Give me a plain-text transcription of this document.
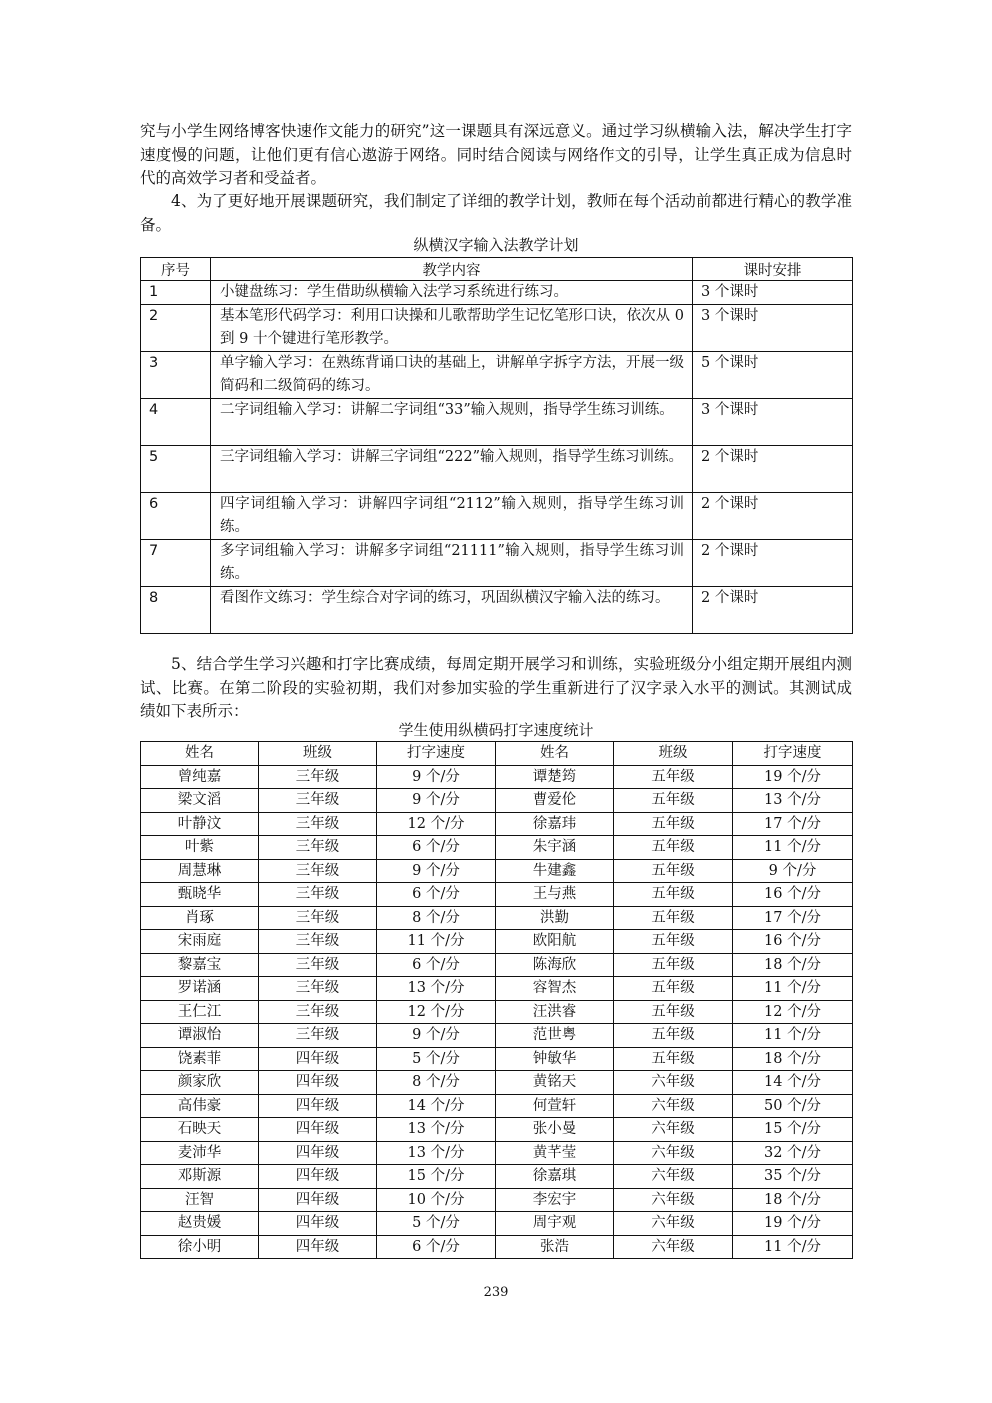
究与小学生网络博客快速作文能力的研究”这一课题具有深远意义。通过学习纵横输入法，解决学生打字速度慢的问题，让他们更有信心遨游于网络。同时结合阅读与网络作文的引导，让学生真正成为信息时代的高效学习者和受益者。

4、为了更好地开展课题研究，我们制定了详细的教学计划，教师在每个活动前都进行精心的教学准备。

纵横汉字输入法教学计划
序号	教学内容	课时安排
1	小键盘练习：学生借助纵横输入法学习系统进行练习。	3 个课时
2	基本笔形代码学习：利用口诀操和儿歌帮助学生记忆笔形口诀，依次从 0 到 9 十个键进行笔形教学。	3 个课时
3	单字输入学习：在熟练背诵口诀的基础上，讲解单字拆字方法，开展一级简码和二级简码的练习。	5 个课时
4	二字词组输入学习：讲解二字词组“33”输入规则，指导学生练习训练。	3 个课时
5	三字词组输入学习：讲解三字词组“222”输入规则，指导学生练习训练。	2 个课时
6	四字词组输入学习：讲解四字词组“2112”输入规则，指导学生练习训练。	2 个课时
7	多字词组输入学习：讲解多字词组“21111”输入规则，指导学生练习训练。	2 个课时
8	看图作文练习：学生综合对字词的练习，巩固纵横汉字输入法的练习。	2 个课时

5、结合学生学习兴趣和打字比赛成绩，每周定期开展学习和训练，实验班级分小组定期开展组内测试、比赛。在第二阶段的实验初期，我们对参加实验的学生重新进行了汉字录入水平的测试。其测试成绩如下表所示：

学生使用纵横码打字速度统计
姓名	班级	打字速度	姓名	班级	打字速度
曾纯嘉	三年级	9 个/分	谭楚筠	五年级	19 个/分
梁文滔	三年级	9 个/分	曹爱伦	五年级	13 个/分
叶静汶	三年级	12 个/分	徐嘉玮	五年级	17 个/分
叶紫	三年级	6 个/分	朱宇涵	五年级	11 个/分
周慧琳	三年级	9 个/分	牛建鑫	五年级	9 个/分
甄晓华	三年级	6 个/分	王与燕	五年级	16 个/分
肖琢	三年级	8 个/分	洪勤	五年级	17 个/分
宋雨庭	三年级	11 个/分	欧阳航	五年级	16 个/分
黎嘉宝	三年级	6 个/分	陈海欣	五年级	18 个/分
罗诺涵	三年级	13 个/分	容智杰	五年级	11 个/分
王仁江	三年级	12 个/分	汪洪睿	五年级	12 个/分
谭淑怡	三年级	9 个/分	范世粤	五年级	11 个/分
饶素菲	四年级	5 个/分	钟敏华	五年级	18 个/分
颜家欣	四年级	8 个/分	黄铭天	六年级	14 个/分
高伟豪	四年级	14 个/分	何萱轩	六年级	50 个/分
石映天	四年级	13 个/分	张小曼	六年级	15 个/分
麦沛华	四年级	13 个/分	黄芊莹	六年级	32 个/分
邓斯源	四年级	15 个/分	徐嘉琪	六年级	35 个/分
汪智	四年级	10 个/分	李宏宇	六年级	18 个/分
赵贵媛	四年级	5 个/分	周宇观	六年级	19 个/分
徐小明	四年级	6 个/分	张浩	六年级	11 个/分
239
